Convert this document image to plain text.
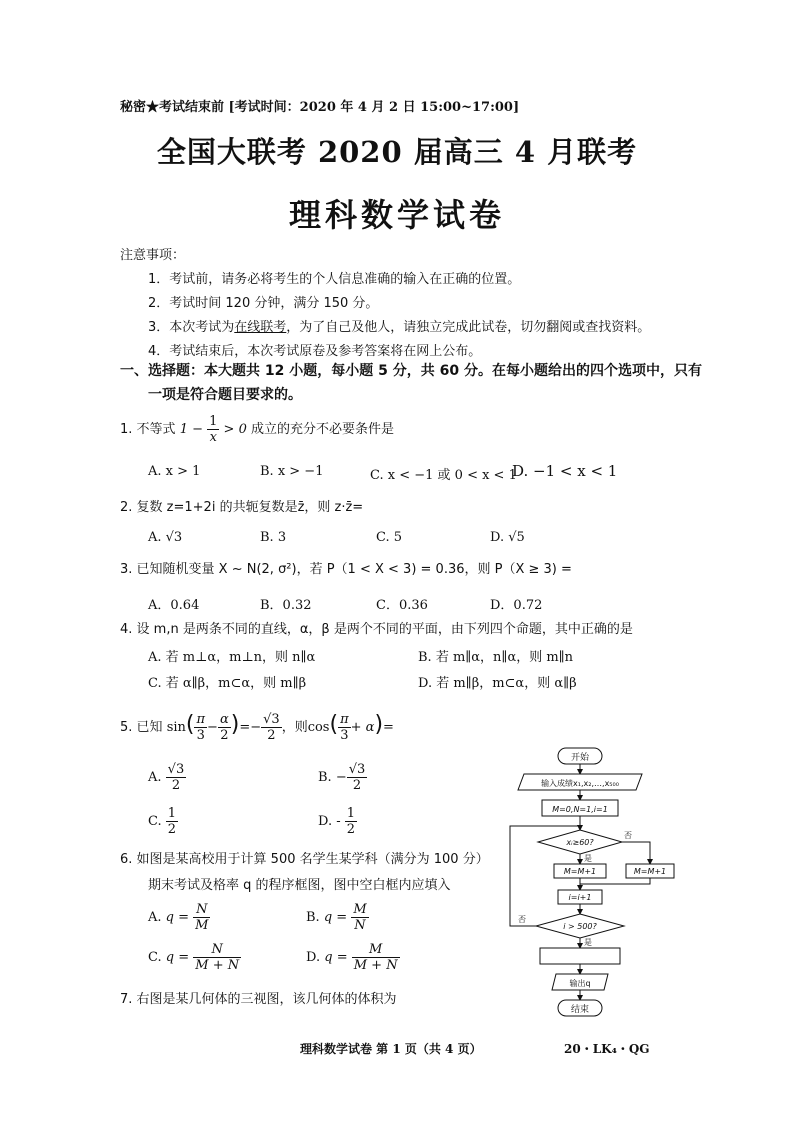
秘密★考试结束前 [考试时间：2020 年 4 月 2 日 15:00~17:00]
全国大联考 2020 届高三 4 月联考
理科数学试卷
注意事项：
1．考试前，请务必将考生的个人信息准确的输入在正确的位置。
2．考试时间 120 分钟，满分 150 分。
3．本次考试为在线联考，为了自己及他人，请独立完成此试卷，切勿翻阅或查找资料。
4．考试结束后，本次考试原卷及参考答案将在网上公布。
一、选择题：本大题共 12 小题，每小题 5 分，共 60 分。在每小题给出的四个选项中，只有
一项是符合题目要求的。
1. 不等式 $1 - \frac{1}{x} > 0$ 成立的充分不必要条件是
A. x > 1	B. x > −1	C. x < −1 或 0 < x < 1
D. −1 < x < 1
2. 复数 z=1+2i 的共轭复数是z̄，则 z·z̄=
A. √3	B. 3	C. 5	D. √5
3. 已知随机变量 X ~ N(2, σ²)，若 P（1 < X < 3) = 0.36，则 P（X ≥ 3) =
A．0.64	B．0.32	C．0.36	D．0.72
4. 设 m,n 是两条不同的直线，α，β 是两个不同的平面，由下列四个命题，其中正确的是
A. 若 m⊥α，m⊥n，则 n∥α	B. 若 m∥α，n∥α，则 m∥n
C. 若 α∥β，m⊂α，则 m∥β	D. 若 m∥β，m⊂α，则 α∥β
5. 已知 $\sin( \frac{\pi}{3} - \frac{\alpha}{2}$ )=− $\frac{√3}{2}$ ，则$\cos( \frac{\pi}{3} + \alpha)=$
A. $\frac{√3}{2}$	B. − $\frac{√3}{2}$
C. $\frac{1}{2}$	D. - $\frac{1}{2}$
6. 如图是某高校用于计算 500 名学生某学科（满分为 100 分）
期末考试及格率 q 的程序框图，图中空白框内应填入
A. $q = \frac{N}{M}$	B. $q = \frac{M}{N}$
C. $q = \frac{N}{M + N}$	D. $q = \frac{M}{M + N}$
7. 右图是某几何体的三视图，该几何体的体积为
开始
输入成绩x₁,x₂,…,x₅₀₀
M=0,N=1,i=1
xᵢ≥60?
否
是
M=M+1	M=M+1
i=i+1
i > 500?
否
是
输出q
结束
理科数学试卷 第 1 页（共 4 页）	20・LK₄・QG
